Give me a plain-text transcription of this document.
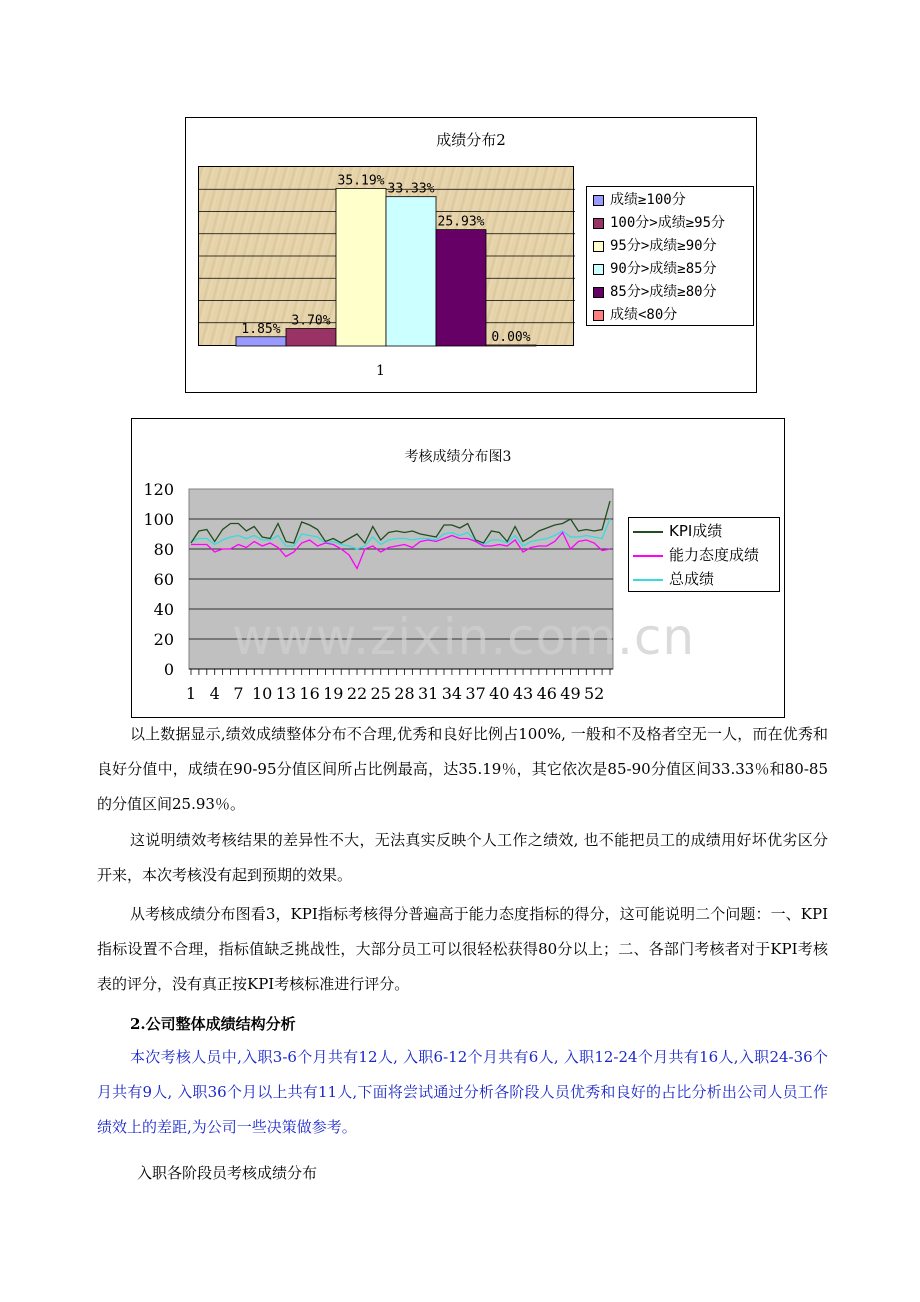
成绩分布2
1.85%
3.70%
35.19%
33.33%
25.93%
0.00%
1
成绩≥100分
100分>成绩≥95分
95分>成绩≥90分
90分>成绩≥85分
85分>成绩≥80分
成绩<80分
考核成绩分布图3
0
20
40
60
80
100
120
1 4 7 10 13 16 19 22 25 28 31 34 37 40 43 46 49 52
KPI成绩
能力态度成绩
总成绩
www.zixin.com.cn

以上数据显示,绩效成绩整体分布不合理,优秀和良好比例占100%, 一般和不及格者空无一人，而在优秀和良好分值中，成绩在90-95分值区间所占比例最高，达35.19％，其它依次是85-90分值区间33.33％和80-85的分值区间25.93％。

这说明绩效考核结果的差异性不大，无法真实反映个人工作之绩效, 也不能把员工的成绩用好坏优劣区分开来，本次考核没有起到预期的效果。

从考核成绩分布图看3，KPI指标考核得分普遍高于能力态度指标的得分，这可能说明二个问题：一、KPI指标设置不合理，指标值缺乏挑战性，大部分员工可以很轻松获得80分以上；二、各部门考核者对于KPI考核表的评分，没有真正按KPI考核标准进行评分。

2.公司整体成绩结构分析

本次考核人员中,入职3-6个月共有12人, 入职6-12个月共有6人, 入职12-24个月共有16人,入职24-36个月共有9人, 入职36个月以上共有11人,下面将尝试通过分析各阶段人员优秀和良好的占比分析出公司人员工作绩效上的差距,为公司一些决策做参考。

入职各阶段员考核成绩分布
